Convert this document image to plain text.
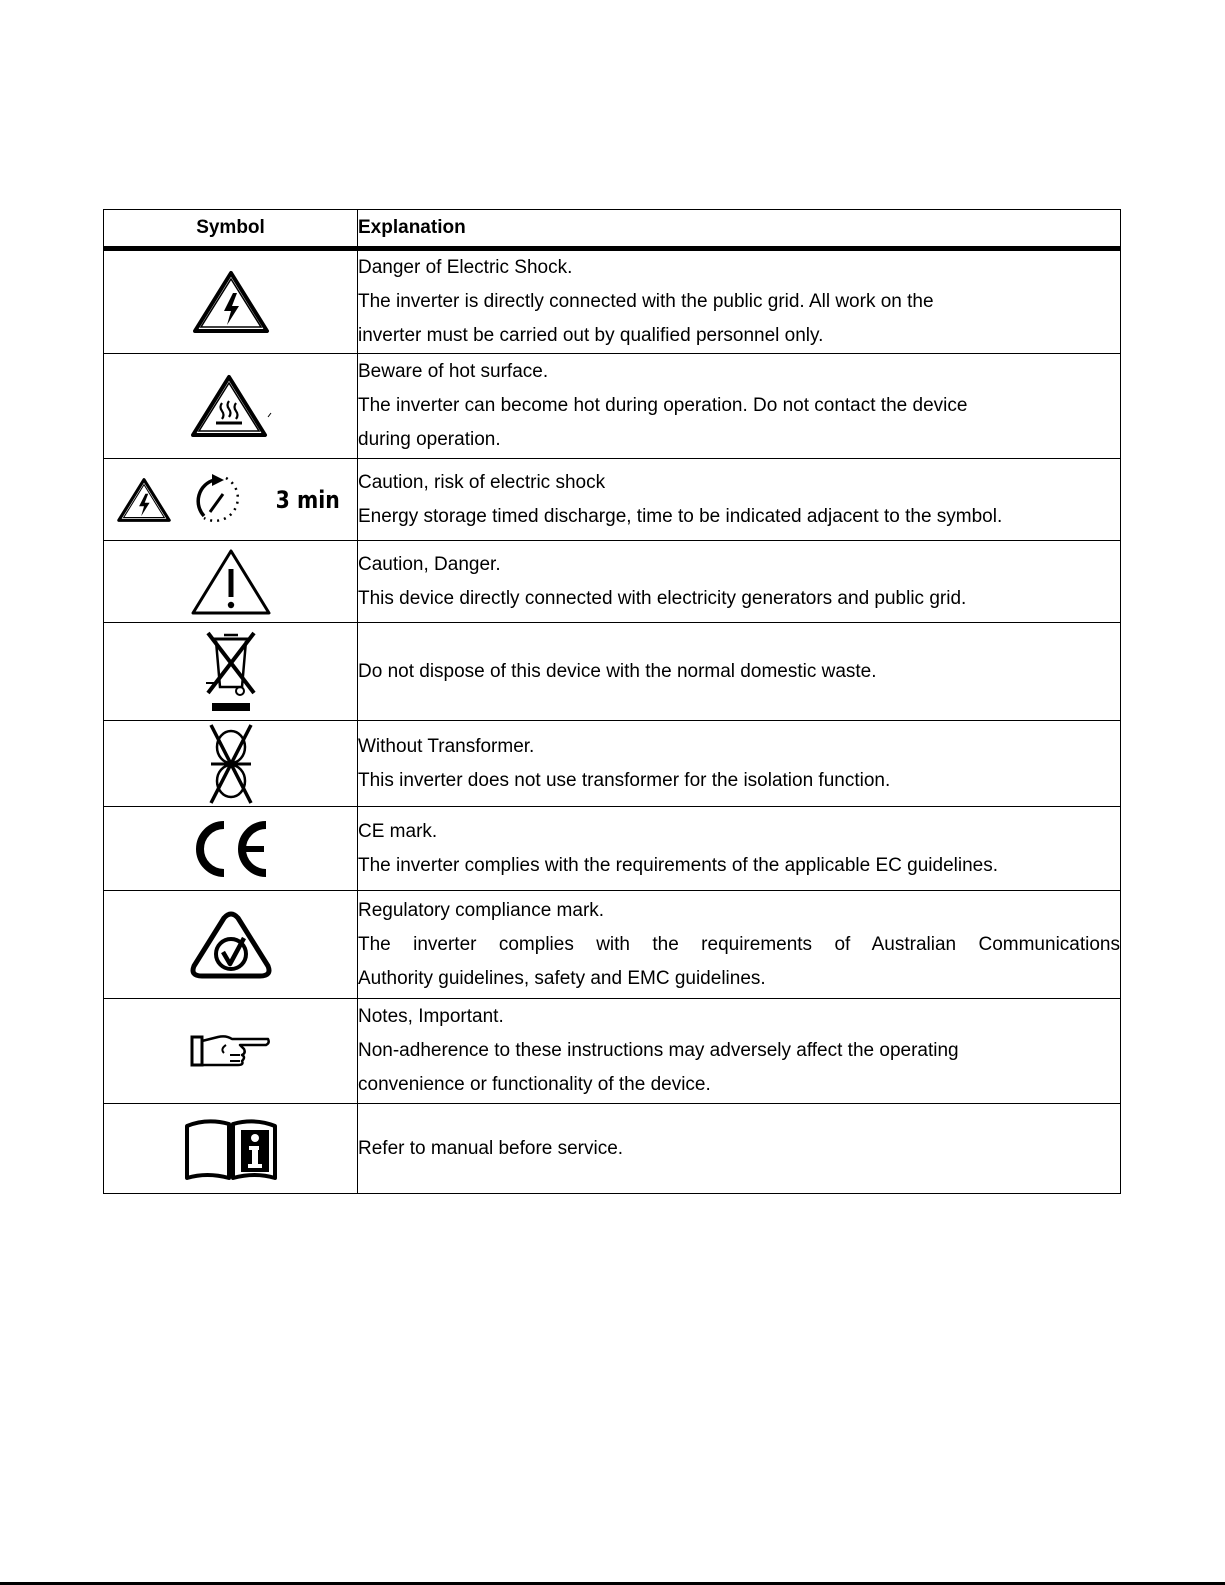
Symbol	Explanation

Danger of Electric Shock.
The inverter is directly connected with the public grid. All work on the
inverter must be carried out by qualified personnel only.

Beware of hot surface.
The inverter can become hot during operation. Do not contact the device
during operation.

3 min	Caution, risk of electric shock
Energy storage timed discharge, time to be indicated adjacent to the symbol.

Caution, Danger.
This device directly connected with electricity generators and public grid.

Do not dispose of this device with the normal domestic waste.

Without Transformer.
This inverter does not use transformer for the isolation function.

CE mark.
The inverter complies with the requirements of the applicable EC guidelines.

Regulatory compliance mark.
The inverter complies with the requirements of Australian Communications
Authority guidelines, safety and EMC guidelines.

Notes, Important.
Non-adherence to these instructions may adversely affect the operating
convenience or functionality of the device.

Refer to manual before service.
